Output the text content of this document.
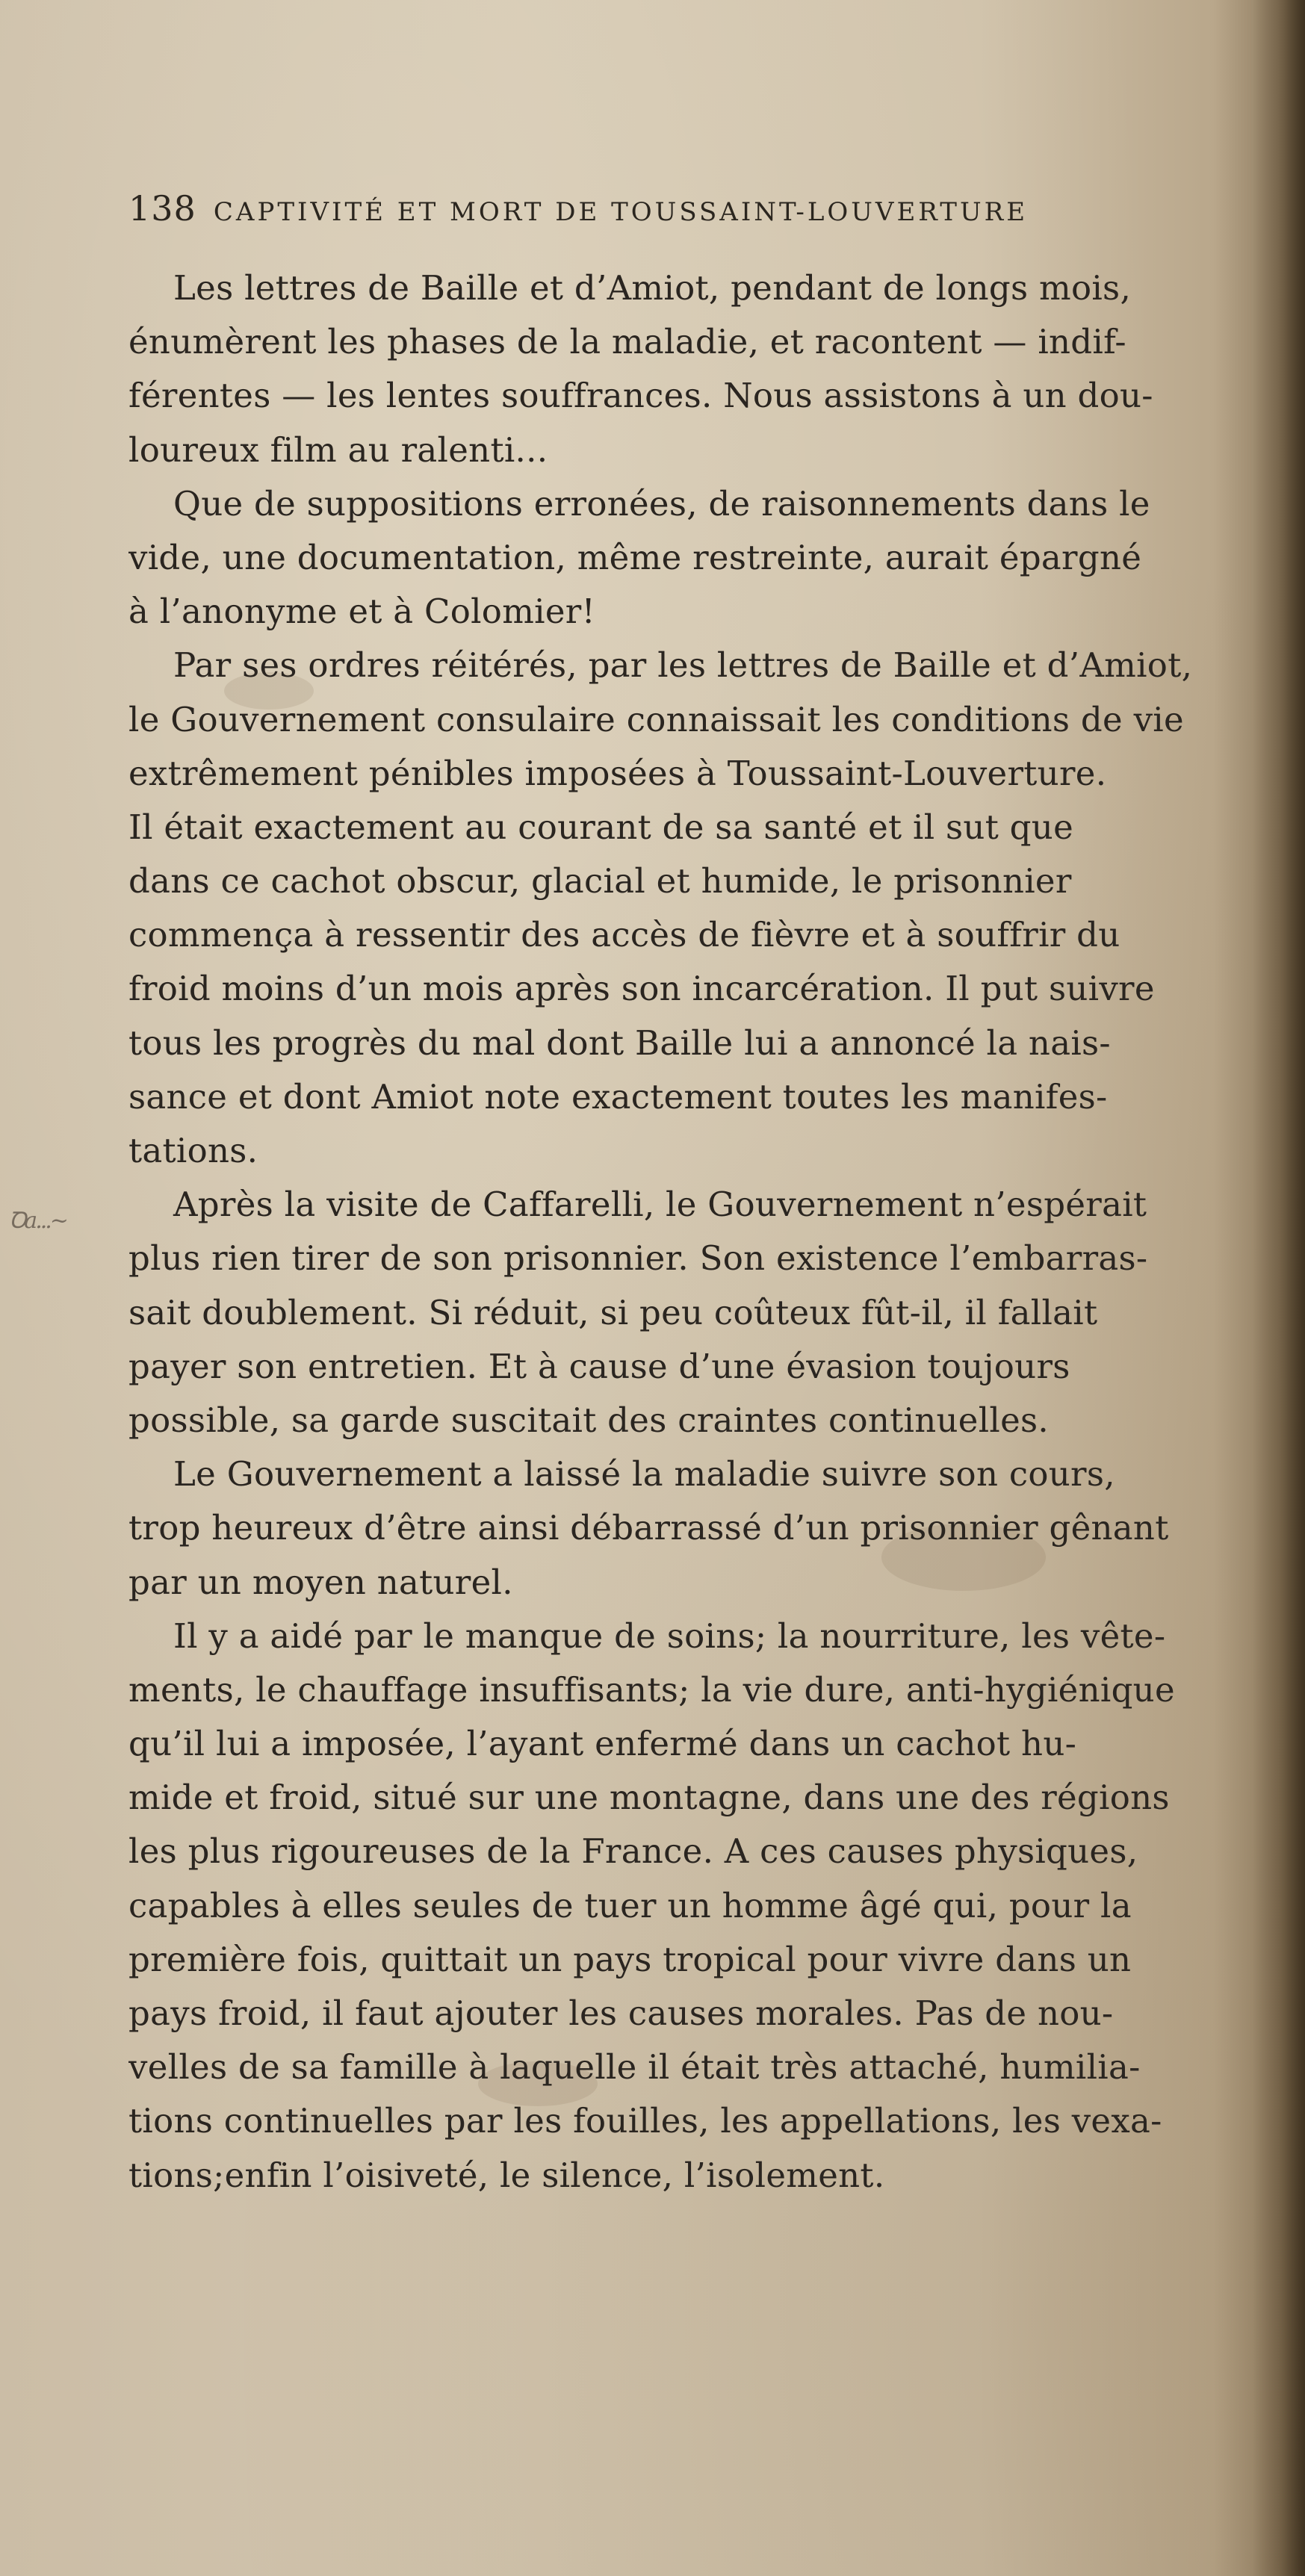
138 CAPTIVITÉ ET MORT DE TOUSSAINT-LOUVERTURE
Ꝺa...~
Les lettres de Baille et d’Amiot, pendant de longs mois,
énumèrent les phases de la maladie, et racontent — indif-
férentes — les lentes souffrances. Nous assistons à un dou-
loureux film au ralenti...
Que de suppositions erronées, de raisonnements dans le
vide, une documentation, même restreinte, aurait épargné
à l’anonyme et à Colomier!
Par ses ordres réitérés, par les lettres de Baille et d’Amiot,
le Gouvernement consulaire connaissait les conditions de vie
extrêmement pénibles imposées à Toussaint-Louverture.
Il était exactement au courant de sa santé et il sut que
dans ce cachot obscur, glacial et humide, le prisonnier
commença à ressentir des accès de fièvre et à souffrir du
froid moins d’un mois après son incarcération. Il put suivre
tous les progrès du mal dont Baille lui a annoncé la nais-
sance et dont Amiot note exactement toutes les manifes-
tations.
Après la visite de Caffarelli, le Gouvernement n’espérait
plus rien tirer de son prisonnier. Son existence l’embarras-
sait doublement. Si réduit, si peu coûteux fût-il, il fallait
payer son entretien. Et à cause d’une évasion toujours
possible, sa garde suscitait des craintes continuelles.
Le Gouvernement a laissé la maladie suivre son cours,
trop heureux d’être ainsi débarrassé d’un prisonnier gênant
par un moyen naturel.
Il y a aidé par le manque de soins; la nourriture, les vête-
ments, le chauffage insuffisants; la vie dure, anti-hygiénique
qu’il lui a imposée, l’ayant enfermé dans un cachot hu-
mide et froid, situé sur une montagne, dans une des régions
les plus rigoureuses de la France. A ces causes physiques,
capables à elles seules de tuer un homme âgé qui, pour la
première fois, quittait un pays tropical pour vivre dans un
pays froid, il faut ajouter les causes morales. Pas de nou-
velles de sa famille à laquelle il était très attaché, humilia-
tions continuelles par les fouilles, les appellations, les vexa-
tions;enfin l’oisiveté, le silence, l’isolement.
